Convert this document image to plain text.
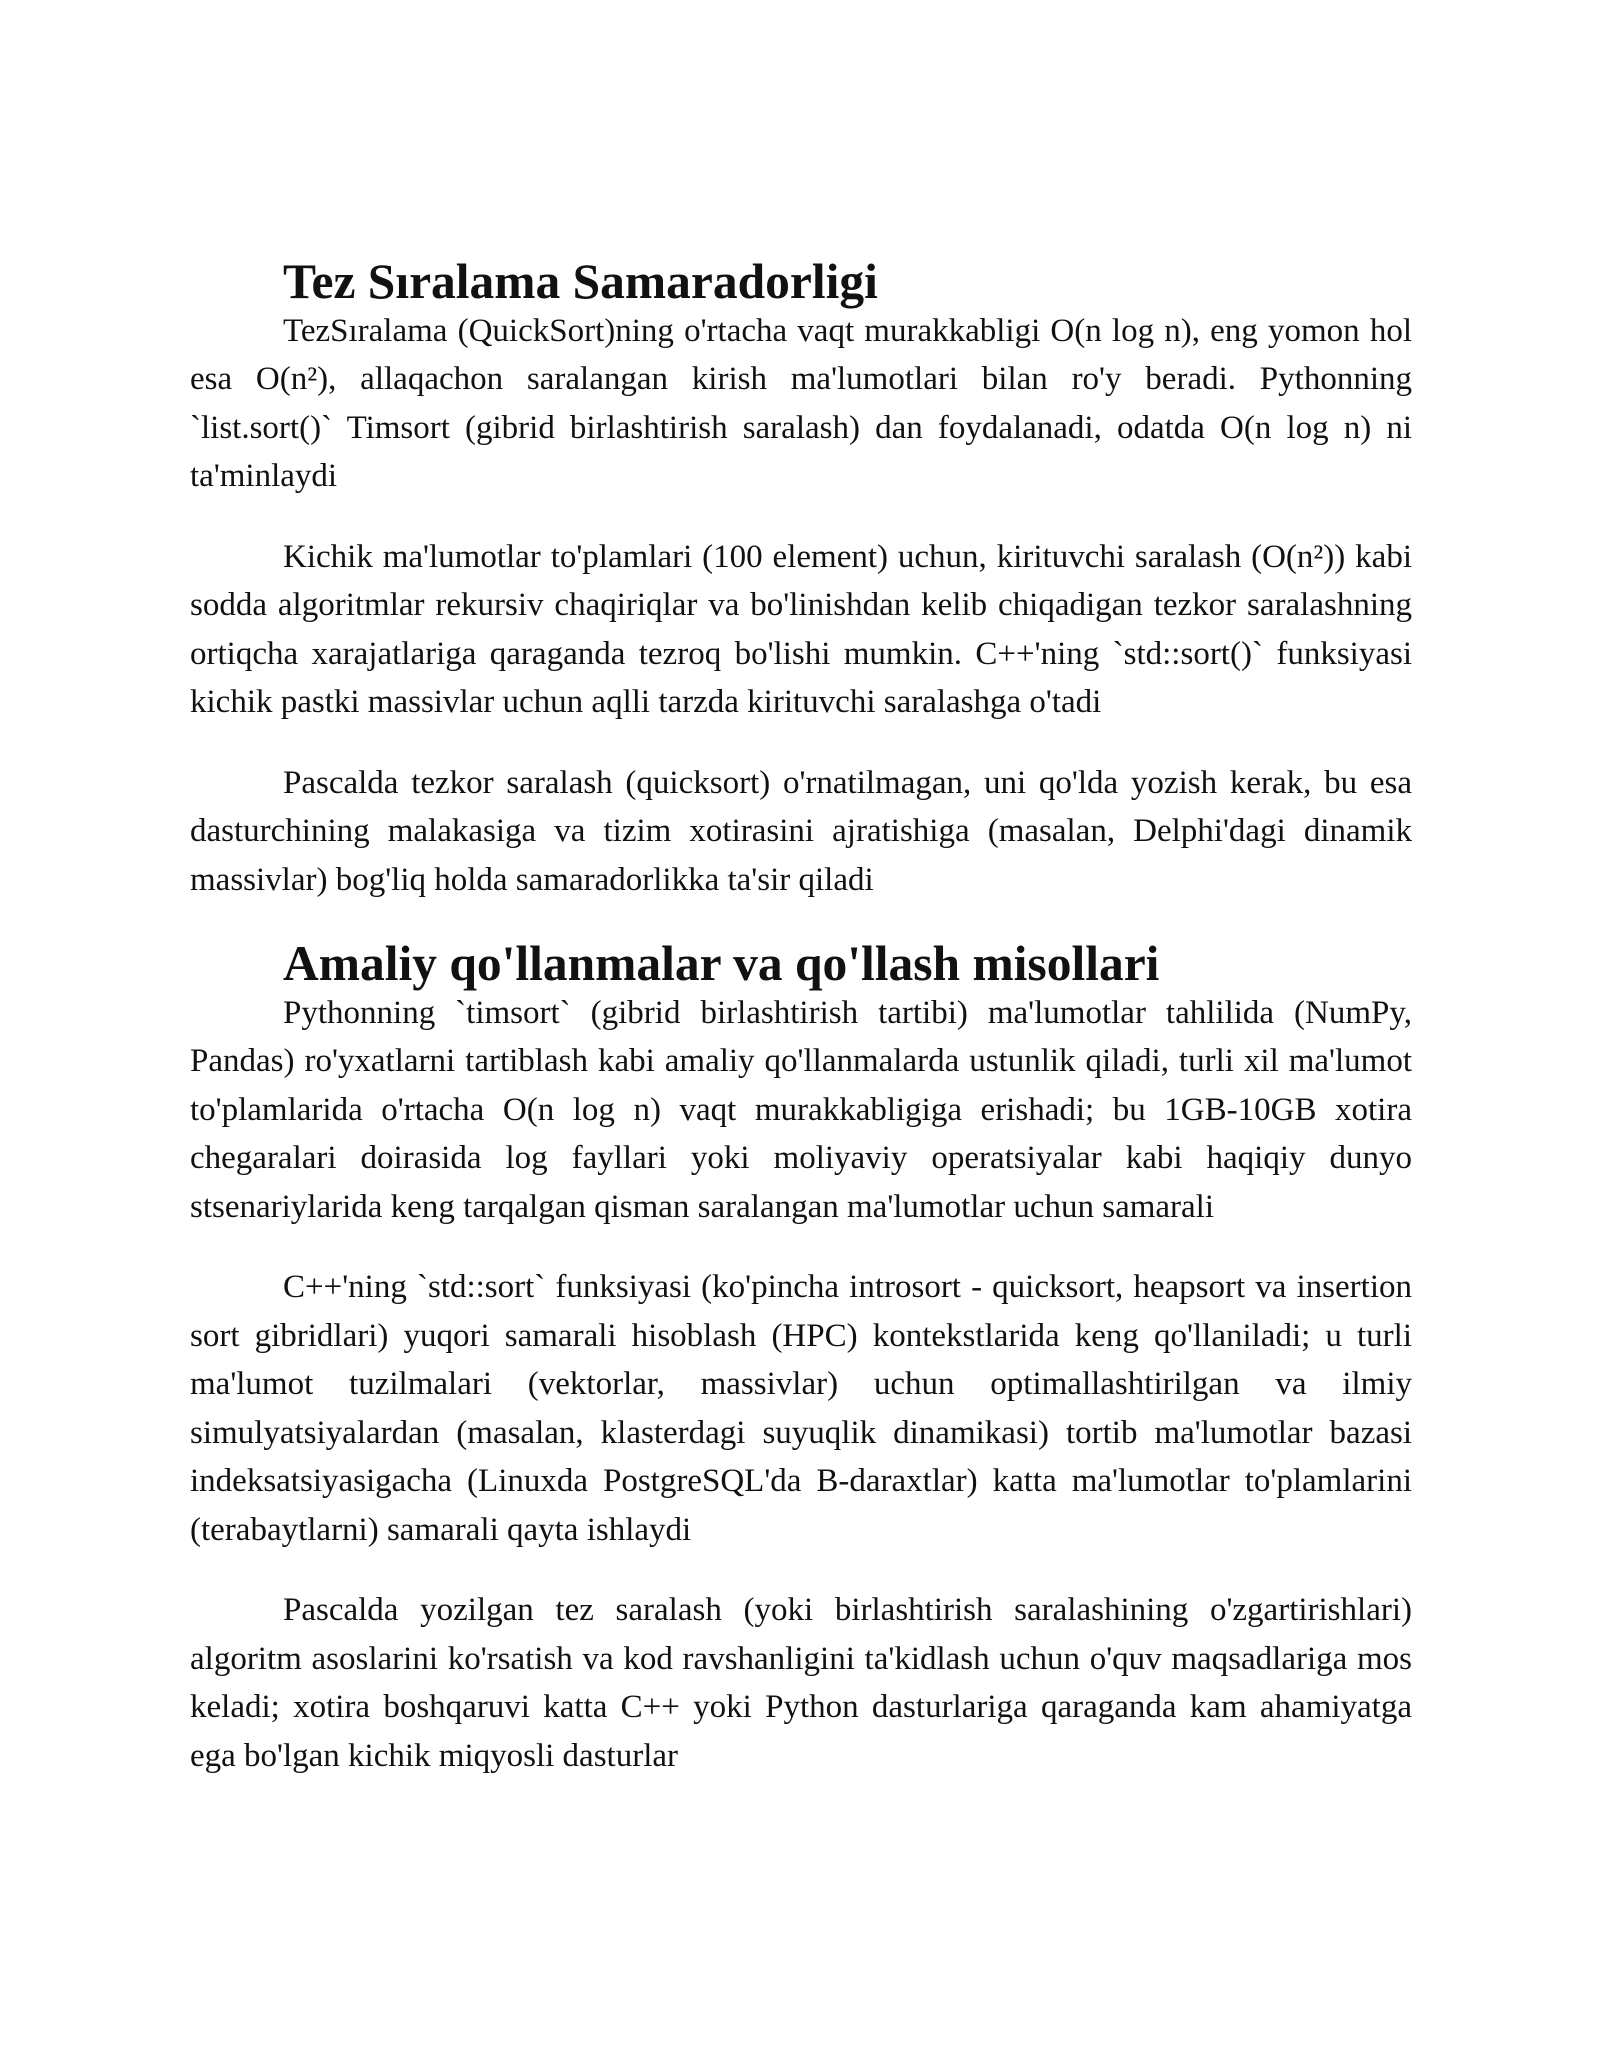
Tez Sıralama Samaradorligi

TezSıralama (QuickSort)ning o'rtacha vaqt murakkabligi O(n log n), eng yomon hol esa O(n²), allaqachon saralangan kirish ma'lumotlari bilan ro'y beradi. Pythonning `list.sort()` Timsort (gibrid birlashtirish saralash) dan foydalanadi, odatda O(n log n) ni ta'minlaydi

Kichik ma'lumotlar to'plamlari (100 element) uchun, kirituvchi saralash (O(n²)) kabi sodda algoritmlar rekursiv chaqiriqlar va bo'linishdan kelib chiqadigan tezkor saralashning ortiqcha xarajatlariga qaraganda tezroq bo'lishi mumkin. C++'ning `std::sort()` funksiyasi kichik pastki massivlar uchun aqlli tarzda kirituvchi saralashga o'tadi

Pascalda tezkor saralash (quicksort) o'rnatilmagan, uni qo'lda yozish kerak, bu esa dasturchining malakasiga va tizim xotirasini ajratishiga (masalan, Delphi'dagi dinamik massivlar) bog'liq holda samaradorlikka ta'sir qiladi

Amaliy qo'llanmalar va qo'llash misollari

Pythonning `timsort` (gibrid birlashtirish tartibi) ma'lumotlar tahlilida (NumPy, Pandas) ro'yxatlarni tartiblash kabi amaliy qo'llanmalarda ustunlik qiladi, turli xil ma'lumot to'plamlarida o'rtacha O(n log n) vaqt murakkabligiga erishadi; bu 1GB-10GB xotira chegaralari doirasida log fayllari yoki moliyaviy operatsiyalar kabi haqiqiy dunyo stsenariylarida keng tarqalgan qisman saralangan ma'lumotlar uchun samarali

C++'ning `std::sort` funksiyasi (ko'pincha introsort - quicksort, heapsort va insertion sort gibridlari) yuqori samarali hisoblash (HPC) kontekstlarida keng qo'llaniladi; u turli ma'lumot tuzilmalari (vektorlar, massivlar) uchun optimallashtirilgan va ilmiy simulyatsiyalardan (masalan, klasterdagi suyuqlik dinamikasi) tortib ma'lumotlar bazasi indeksatsiyasigacha (Linuxda PostgreSQL'da B-daraxtlar) katta ma'lumotlar to'plamlarini (terabaytlarni) samarali qayta ishlaydi

Pascalda yozilgan tez saralash (yoki birlashtirish saralashining o'zgartirishlari) algoritm asoslarini ko'rsatish va kod ravshanligini ta'kidlash uchun o'quv maqsadlariga mos keladi; xotira boshqaruvi katta C++ yoki Python dasturlariga qaraganda kam ahamiyatga ega bo'lgan kichik miqyosli dasturlar
